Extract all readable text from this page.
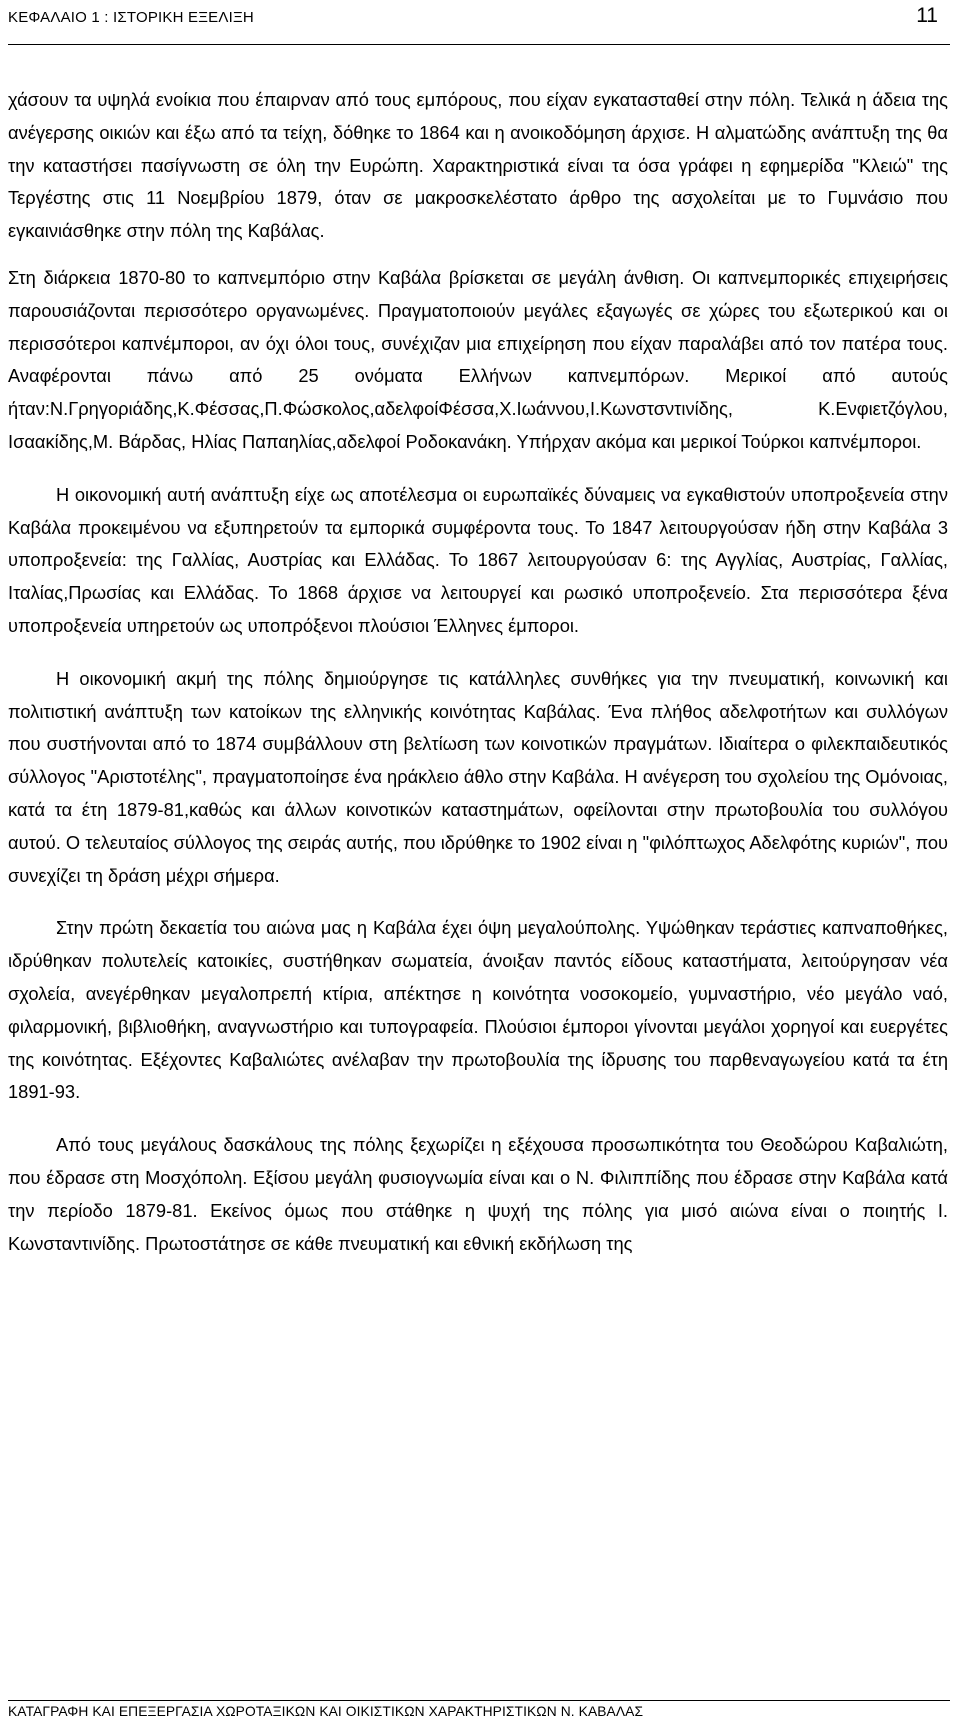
ΚΕΦΑΛΑΙΟ 1 : ΙΣΤΟΡΙΚΗ ΕΞΕΛΙΞΗ	11

χάσουν τα υψηλά ενοίκια που έπαιρναν από τους εμπόρους, που είχαν εγκατασταθεί στην πόλη. Τελικά η άδεια της ανέγερσης οικιών και έξω από τα τείχη, δόθηκε το 1864 και η ανοικοδόμηση άρχισε. Η αλματώδης ανάπτυξη της θα την καταστήσει πασίγνωστη σε όλη την Ευρώπη. Χαρακτηριστικά είναι τα όσα γράφει η εφημερίδα "Κλειώ" της Τεργέστης στις 11 Νοεμβρίου 1879, όταν σε μακροσκελέστατο άρθρο της ασχολείται με το Γυμνάσιο που εγκαινιάσθηκε στην πόλη της Καβάλας.

Στη διάρκεια 1870-80 το καπνεμπόριο στην Καβάλα βρίσκεται σε μεγάλη άνθιση. Οι καπνεμπορικές επιχειρήσεις παρουσιάζονται περισσότερο οργανωμένες. Πραγματοποιούν μεγάλες εξαγωγές σε χώρες του εξωτερικού και οι περισσότεροι καπνέμποροι, αν όχι όλοι τους, συνέχιζαν μια επιχείρηση που είχαν παραλάβει από τον πατέρα τους. Αναφέρονται πάνω από 25 ονόματα Ελλήνων καπνεμπόρων. Μερικοί από αυτούς ήταν:Ν.Γρηγοριάδης,Κ.Φέσσας,Π.Φώσκολος,αδελφοίΦέσσα,Χ.Ιωάννου,Ι.Κωνστσντινίδης, Κ.Ενφιετζόγλου, Ισαακίδης,Μ. Βάρδας, Ηλίας Παπαηλίας,αδελφοί Ροδοκανάκη. Υπήρχαν ακόμα και μερικοί Τούρκοι καπνέμποροι.

Η οικονομική αυτή ανάπτυξη είχε ως αποτέλεσμα οι ευρωπαϊκές δύναμεις να εγκαθιστούν υποπροξενεία στην Καβάλα προκειμένου να εξυπηρετούν τα εμπορικά συμφέροντα τους. Το 1847 λειτουργούσαν ήδη στην Καβάλα 3 υποπροξενεία: της Γαλλίας, Αυστρίας και Ελλάδας. Το 1867 λειτουργούσαν 6: της Αγγλίας, Αυστρίας, Γαλλίας, Ιταλίας,Πρωσίας και Ελλάδας. Το 1868 άρχισε να λειτουργεί και ρωσικό υποπροξενείο. Στα περισσότερα ξένα υποπροξενεία υπηρετούν ως υποπρόξενοι πλούσιοι Έλληνες έμποροι.

Η οικονομική ακμή της πόλης δημιούργησε τις κατάλληλες συνθήκες για την πνευματική, κοινωνική και πολιτιστική ανάπτυξη των κατοίκων της ελληνικής κοινότητας Καβάλας. Ένα πλήθος αδελφοτήτων και συλλόγων που συστήνονται από το 1874 συμβάλλουν στη βελτίωση των κοινοτικών πραγμάτων. Ιδιαίτερα ο φιλεκπαιδευτικός σύλλογος "Αριστοτέλης", πραγματοποίησε ένα ηράκλειο άθλο στην Καβάλα. Η ανέγερση του σχολείου της Ομόνοιας, κατά τα έτη 1879-81,καθώς και άλλων κοινοτικών καταστημάτων, οφείλονται στην πρωτοβουλία του συλλόγου αυτού. Ο τελευταίος σύλλογος της σειράς αυτής, που ιδρύθηκε το 1902 είναι η "φιλόπτωχος Αδελφότης κυριών", που συνεχίζει τη δράση μέχρι σήμερα.

Στην πρώτη δεκαετία του αιώνα μας η Καβάλα έχει όψη μεγαλούπολης. Υψώθηκαν τεράστιες καπναποθήκες, ιδρύθηκαν πολυτελείς κατοικίες, συστήθηκαν σωματεία, άνοιξαν παντός είδους καταστήματα, λειτούργησαν νέα σχολεία, ανεγέρθηκαν μεγαλοπρεπή κτίρια, απέκτησε η κοινότητα νοσοκομείο, γυμναστήριο, νέο μεγάλο ναό, φιλαρμονική, βιβλιοθήκη, αναγνωστήριο και τυπογραφεία. Πλούσιοι έμποροι γίνονται μεγάλοι χορηγοί και ευεργέτες της κοινότητας. Εξέχοντες Καβαλιώτες ανέλαβαν την πρωτοβουλία της ίδρυσης του παρθεναγωγείου κατά τα έτη 1891-93.

Από τους μεγάλους δασκάλους της πόλης ξεχωρίζει η εξέχουσα προσωπικότητα του Θεοδώρου Καβαλιώτη, που έδρασε στη Μοσχόπολη. Εξίσου μεγάλη φυσιογνωμία είναι και ο Ν. Φιλιππίδης που έδρασε στην Καβάλα κατά την περίοδο 1879-81. Εκείνος όμως που στάθηκε η ψυχή της πόλης για μισό αιώνα είναι ο ποιητής Ι. Κωνσταντινίδης. Πρωτοστάτησε σε κάθε πνευματική και εθνική εκδήλωση της

ΚΑΤΑΓΡΑΦΗ ΚΑΙ ΕΠΕΞΕΡΓΑΣΙΑ ΧΩΡΟΤΑΞΙΚΩΝ ΚΑΙ ΟΙΚΙΣΤΙΚΩΝ ΧΑΡΑΚΤΗΡΙΣΤΙΚΩΝ Ν. ΚΑΒΑΛΑΣ
